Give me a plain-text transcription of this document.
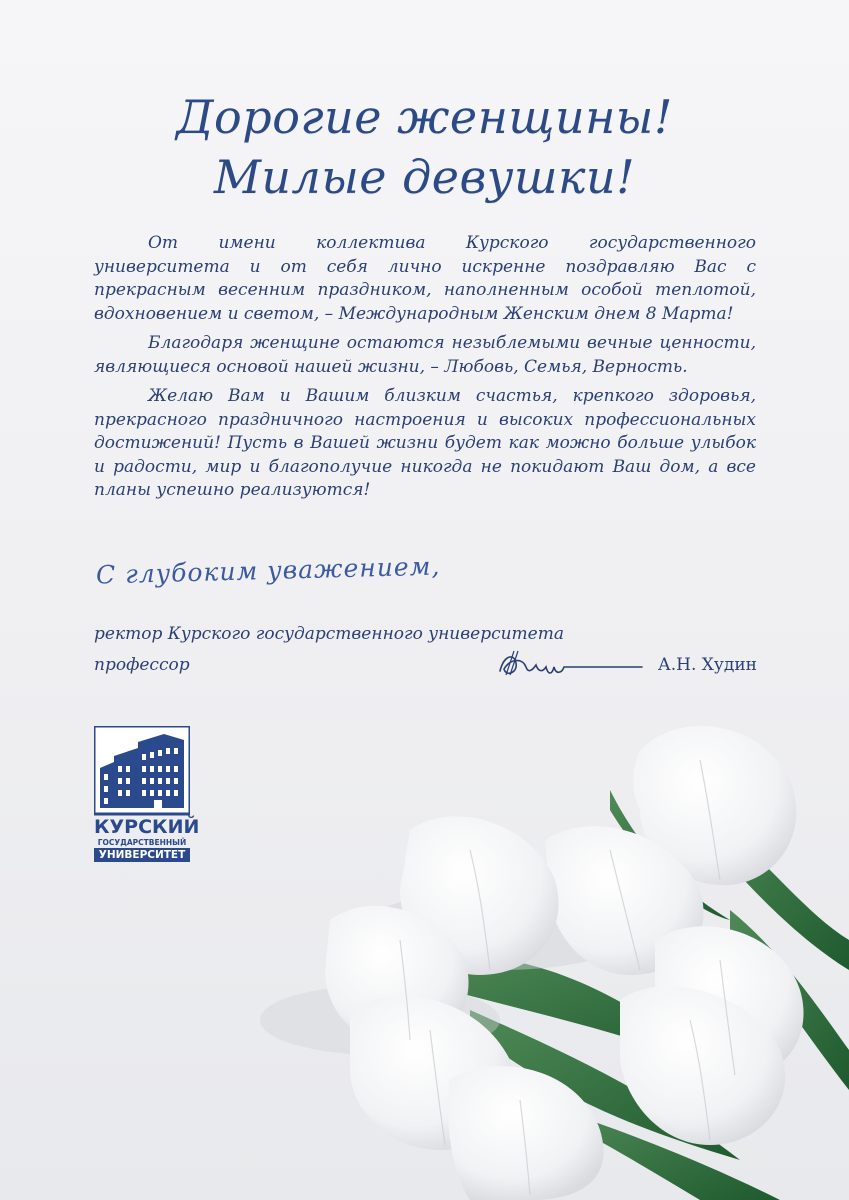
Дорогие женщины!
Милые девушки!

От имени коллектива Курского государственного университета и от себя лично искренне поздравляю Вас с прекрасным весенним праздником, наполненным особой теплотой, вдохновением и светом, – Международным Женским днем 8 Марта!

Благодаря женщине остаются незыблемыми вечные ценности, являющиеся основой нашей жизни, – Любовь, Семья, Верность.

Желаю Вам и Вашим близким счастья, крепкого здоровья, прекрасного праздничного настроения и высоких профессиональных достижений! Пусть в Вашей жизни будет как можно больше улыбок и радости, мир и благополучие никогда не покидают Ваш дом, а все планы успешно реализуются!

С глубоким уважением,
ректор Курского государственного университета
профессор	А.Н. Худин
КУРСКИЙ
ГОСУДАРСТВЕННЫЙ
УНИВЕРСИТЕТ
